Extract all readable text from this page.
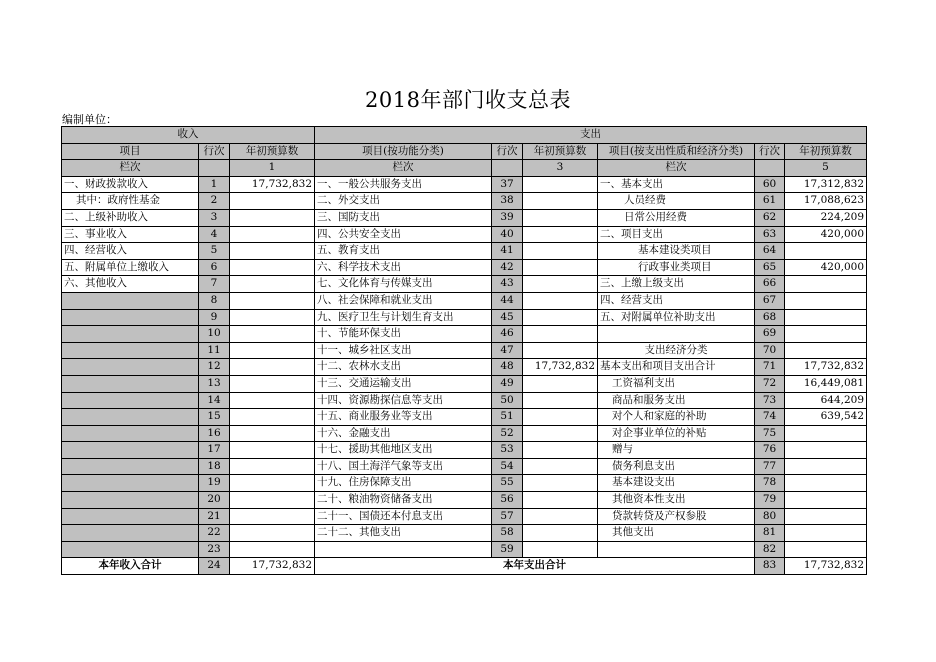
2018年部门收支总表
编制单位：
收入			支出					
项目	行次	年初预算数	项目(按功能分类)	行次	年初预算数	项目(按支出性质和经济分类)	行次	年初预算数
栏次		1	栏次		3	栏次		5
一、财政拨款收入	1	17,732,832	一、一般公共服务支出	37		一、基本支出	60	17,312,832
其中：政府性基金	2		二、外交支出	38		人员经费	61	17,088,623
二、上级补助收入	3		三、国防支出	39		日常公用经费	62	224,209
三、事业收入	4		四、公共安全支出	40		二、项目支出	63	420,000
四、经营收入	5		五、教育支出	41		基本建设类项目	64	
五、附属单位上缴收入	6		六、科学技术支出	42		行政事业类项目	65	420,000
六、其他收入	7		七、文化体育与传媒支出	43		三、上缴上级支出	66	
	8		八、社会保障和就业支出	44		四、经营支出	67	
	9		九、医疗卫生与计划生育支出	45		五、对附属单位补助支出	68	
	10		十、节能环保支出	46			69	
	11		十一、城乡社区支出	47		支出经济分类	70	
	12		十二、农林水支出	48	17,732,832	基本支出和项目支出合计	71	17,732,832
	13		十三、交通运输支出	49		工资福利支出	72	16,449,081
	14		十四、资源勘探信息等支出	50		商品和服务支出	73	644,209
	15		十五、商业服务业等支出	51		对个人和家庭的补助	74	639,542
	16		十六、金融支出	52		对企事业单位的补贴	75	
	17		十七、援助其他地区支出	53		赠与	76	
	18		十八、国土海洋气象等支出	54		债务利息支出	77	
	19		十九、住房保障支出	55		基本建设支出	78	
	20		二十、粮油物资储备支出	56		其他资本性支出	79	
	21		二十一、国债还本付息支出	57		贷款转贷及产权参股	80	
	22		二十二、其他支出	58		其他支出	81	
	23			59			82	
本年收入合计	24	17,732,832	本年支出合计				83	17,732,832
